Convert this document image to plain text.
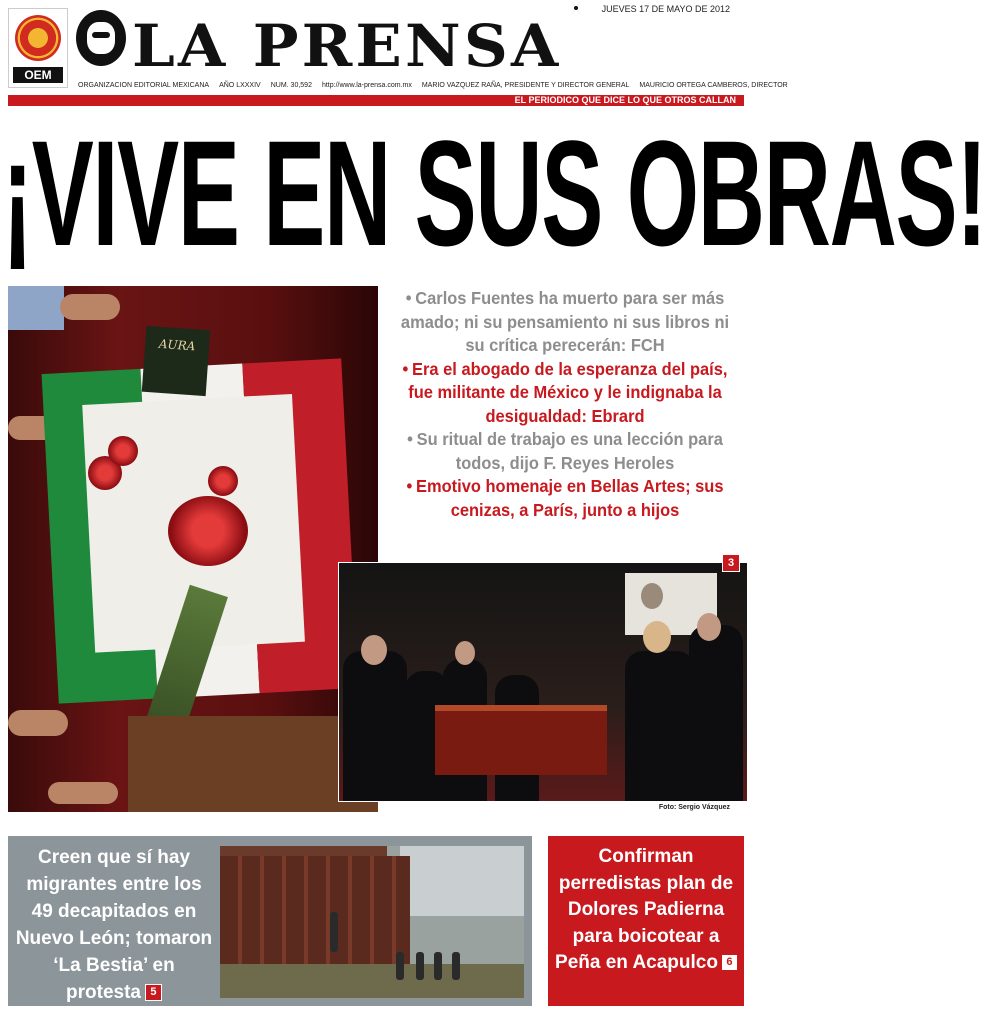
OEM
JUEVES 17 DE MAYO DE 2012
LA PRENSA
ORGANIZACION EDITORIAL MEXICANA AÑO LXXXIV NUM. 30,592 http://www.la-prensa.com.mx MARIO VAZQUEZ RAÑA, PRESIDENTE Y DIRECTOR GENERAL MAURICIO ORTEGA CAMBEROS, DIRECTOR
EL PERIODICO QUE DICE LO QUE OTROS CALLAN
¡VIVE EN SUS OBRAS!
AURA
• Carlos Fuentes ha muerto para ser más amado; ni su pensamiento ni sus libros ni su crítica perecerán: FCH
• Era el abogado de la esperanza del país, fue militante de México y le indignaba la desigualdad: Ebrard
• Su ritual de trabajo es una lección para todos, dijo F. Reyes Heroles
• Emotivo homenaje en Bellas Artes; sus cenizas, a París, junto a hijos
3
Foto: Sergio Vázquez
Creen que sí hay migrantes entre los 49 decapitados en Nuevo León; tomaron ‘La Bestia’ en protesta 5
Confirman perredistas plan de Dolores Padierna para boicotear a Peña en Acapulco 6
